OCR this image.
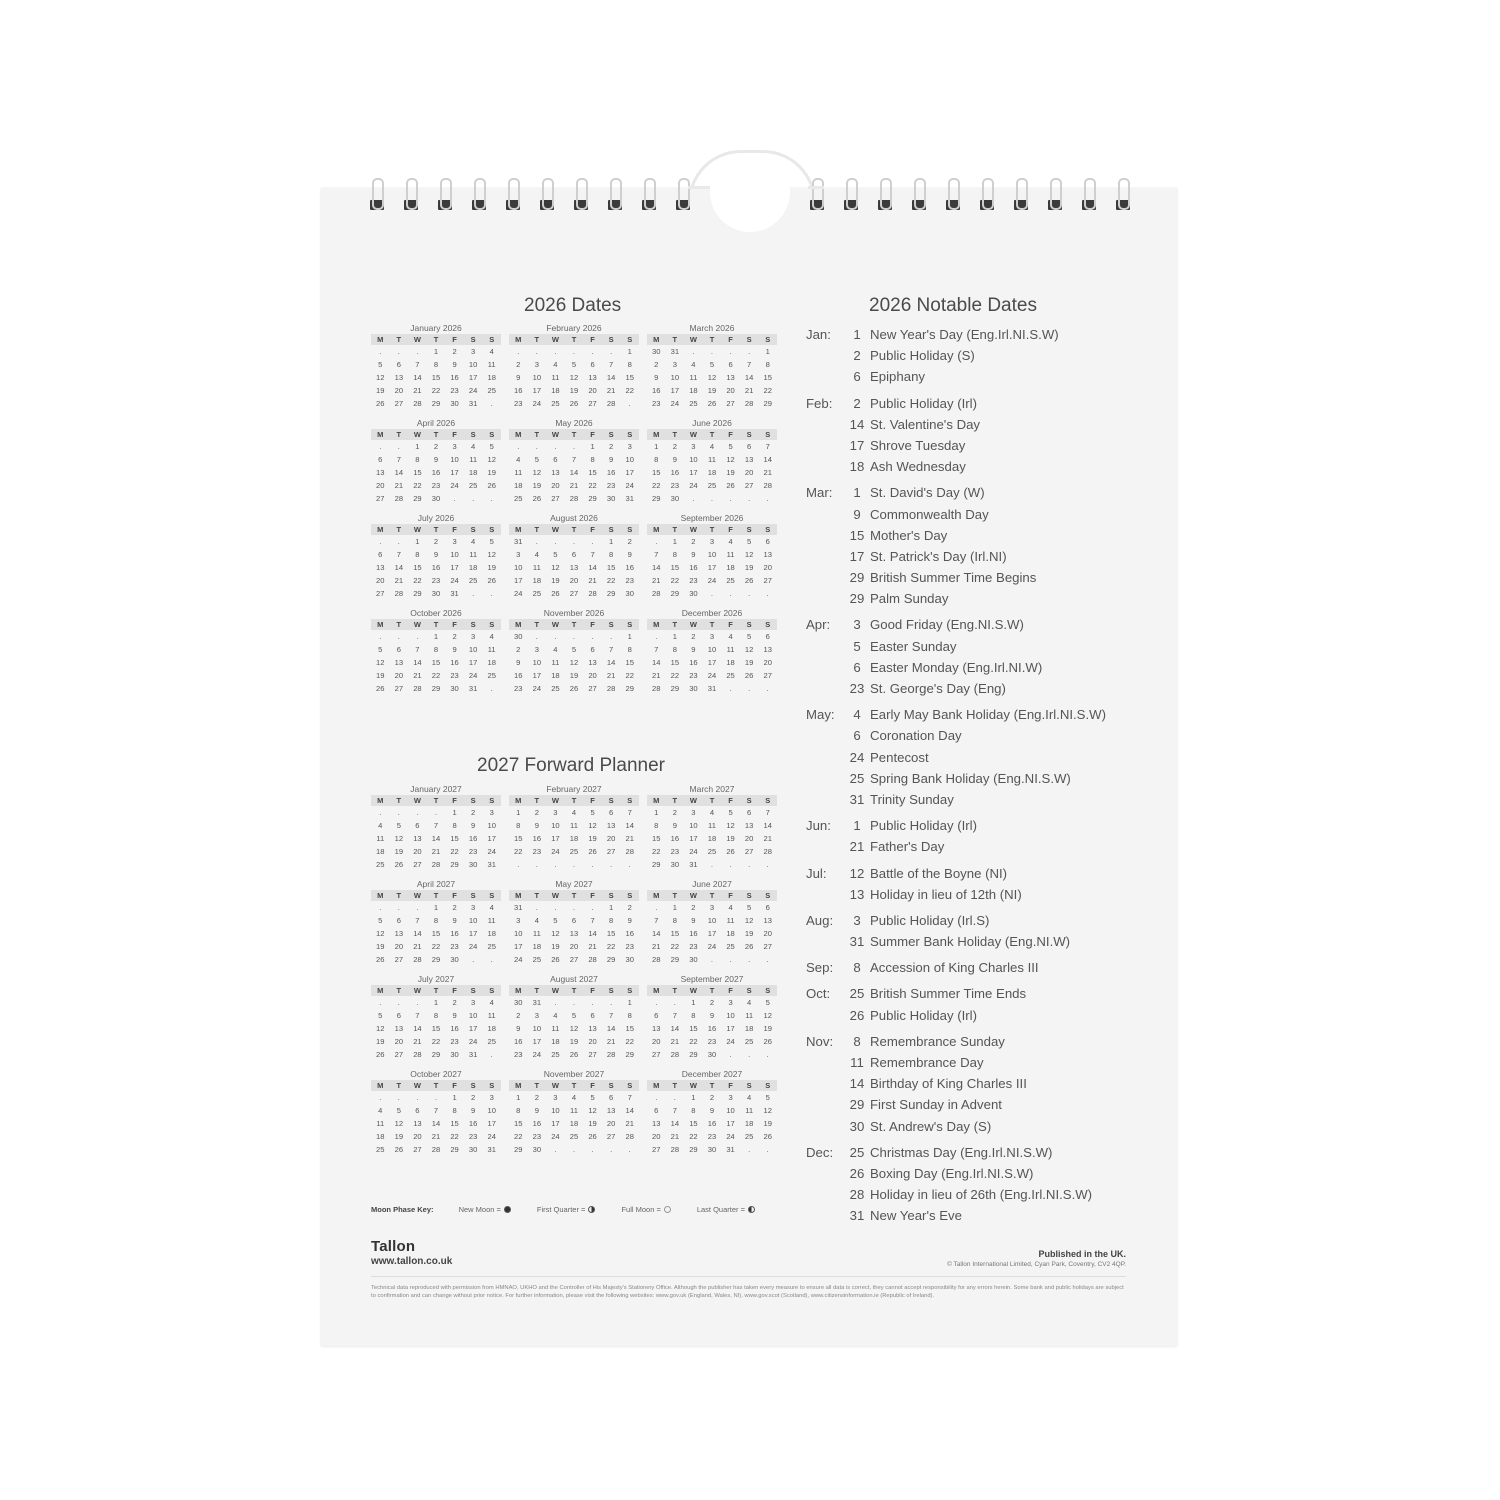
2026 Dates
2027 Forward Planner
2026 Notable Dates
January 2026
M	T	W	T	F	S	S
.	.	.	1	2	3	4
5	6	7	8	9	10	11
12	13	14	15	16	17	18
19	20	21	22	23	24	25
26	27	28	29	30	31	.
February 2026
M	T	W	T	F	S	S
.	.	.	.	.	.	1
2	3	4	5	6	7	8
9	10	11	12	13	14	15
16	17	18	19	20	21	22
23	24	25	26	27	28	.
March 2026
M	T	W	T	F	S	S
30	31	.	.	.	.	1
2	3	4	5	6	7	8
9	10	11	12	13	14	15
16	17	18	19	20	21	22
23	24	25	26	27	28	29
April 2026
M	T	W	T	F	S	S
.	.	1	2	3	4	5
6	7	8	9	10	11	12
13	14	15	16	17	18	19
20	21	22	23	24	25	26
27	28	29	30	.	.	.
May 2026
M	T	W	T	F	S	S
.	.	.	.	1	2	3
4	5	6	7	8	9	10
11	12	13	14	15	16	17
18	19	20	21	22	23	24
25	26	27	28	29	30	31
June 2026
M	T	W	T	F	S	S
1	2	3	4	5	6	7
8	9	10	11	12	13	14
15	16	17	18	19	20	21
22	23	24	25	26	27	28
29	30	.	.	.	.	.
July 2026
M	T	W	T	F	S	S
.	.	1	2	3	4	5
6	7	8	9	10	11	12
13	14	15	16	17	18	19
20	21	22	23	24	25	26
27	28	29	30	31	.	.
August 2026
M	T	W	T	F	S	S
31	.	.	.	.	1	2
3	4	5	6	7	8	9
10	11	12	13	14	15	16
17	18	19	20	21	22	23
24	25	26	27	28	29	30
September 2026
M	T	W	T	F	S	S
.	1	2	3	4	5	6
7	8	9	10	11	12	13
14	15	16	17	18	19	20
21	22	23	24	25	26	27
28	29	30	.	.	.	.
October 2026
M	T	W	T	F	S	S
.	.	.	1	2	3	4
5	6	7	8	9	10	11
12	13	14	15	16	17	18
19	20	21	22	23	24	25
26	27	28	29	30	31	.
November 2026
M	T	W	T	F	S	S
30	.	.	.	.	.	1
2	3	4	5	6	7	8
9	10	11	12	13	14	15
16	17	18	19	20	21	22
23	24	25	26	27	28	29
December 2026
M	T	W	T	F	S	S
.	1	2	3	4	5	6
7	8	9	10	11	12	13
14	15	16	17	18	19	20
21	22	23	24	25	26	27
28	29	30	31	.	.	.
January 2027
M	T	W	T	F	S	S
.	.	.	.	1	2	3
4	5	6	7	8	9	10
11	12	13	14	15	16	17
18	19	20	21	22	23	24
25	26	27	28	29	30	31
February 2027
M	T	W	T	F	S	S
1	2	3	4	5	6	7
8	9	10	11	12	13	14
15	16	17	18	19	20	21
22	23	24	25	26	27	28
.	.	.	.	.	.	.
March 2027
M	T	W	T	F	S	S
1	2	3	4	5	6	7
8	9	10	11	12	13	14
15	16	17	18	19	20	21
22	23	24	25	26	27	28
29	30	31	.	.	.	.
April 2027
M	T	W	T	F	S	S
.	.	.	1	2	3	4
5	6	7	8	9	10	11
12	13	14	15	16	17	18
19	20	21	22	23	24	25
26	27	28	29	30	.	.
May 2027
M	T	W	T	F	S	S
31	.	.	.	.	1	2
3	4	5	6	7	8	9
10	11	12	13	14	15	16
17	18	19	20	21	22	23
24	25	26	27	28	29	30
June 2027
M	T	W	T	F	S	S
.	1	2	3	4	5	6
7	8	9	10	11	12	13
14	15	16	17	18	19	20
21	22	23	24	25	26	27
28	29	30	.	.	.	.
July 2027
M	T	W	T	F	S	S
.	.	.	1	2	3	4
5	6	7	8	9	10	11
12	13	14	15	16	17	18
19	20	21	22	23	24	25
26	27	28	29	30	31	.
August 2027
M	T	W	T	F	S	S
30	31	.	.	.	.	1
2	3	4	5	6	7	8
9	10	11	12	13	14	15
16	17	18	19	20	21	22
23	24	25	26	27	28	29
September 2027
M	T	W	T	F	S	S
.	.	1	2	3	4	5
6	7	8	9	10	11	12
13	14	15	16	17	18	19
20	21	22	23	24	25	26
27	28	29	30	.	.	.
October 2027
M	T	W	T	F	S	S
.	.	.	.	1	2	3
4	5	6	7	8	9	10
11	12	13	14	15	16	17
18	19	20	21	22	23	24
25	26	27	28	29	30	31
November 2027
M	T	W	T	F	S	S
1	2	3	4	5	6	7
8	9	10	11	12	13	14
15	16	17	18	19	20	21
22	23	24	25	26	27	28
29	30	.	.	.	.	.
December 2027
M	T	W	T	F	S	S
.	.	1	2	3	4	5
6	7	8	9	10	11	12
13	14	15	16	17	18	19
20	21	22	23	24	25	26
27	28	29	30	31	.	.
Jan:	1 New Year's Day (Eng.Irl.NI.S.W)
2 Public Holiday (S)
6 Epiphany
Feb:	2 Public Holiday (Irl)
14 St. Valentine's Day
17 Shrove Tuesday
18 Ash Wednesday
Mar:	1 St. David's Day (W)
9 Commonwealth Day
15 Mother's Day
17 St. Patrick's Day (Irl.NI)
29 British Summer Time Begins
29 Palm Sunday
Apr:	3 Good Friday (Eng.NI.S.W)
5 Easter Sunday
6 Easter Monday (Eng.Irl.NI.W)
23 St. George's Day (Eng)
May:	4 Early May Bank Holiday (Eng.Irl.NI.S.W)
6 Coronation Day
24 Pentecost
25 Spring Bank Holiday (Eng.NI.S.W)
31 Trinity Sunday
Jun:	1 Public Holiday (Irl)
21 Father's Day
Jul:	12 Battle of the Boyne (NI)
13 Holiday in lieu of 12th (NI)
Aug:	3 Public Holiday (Irl.S)
31 Summer Bank Holiday (Eng.NI.W)
Sep:	8 Accession of King Charles III
Oct:	25 British Summer Time Ends
26 Public Holiday (Irl)
Nov:	8 Remembrance Sunday
11 Remembrance Day
14 Birthday of King Charles III
29 First Sunday in Advent
30 St. Andrew's Day (S)
Dec:	25 Christmas Day (Eng.Irl.NI.S.W)
26 Boxing Day (Eng.Irl.NI.S.W)
28 Holiday in lieu of 26th (Eng.Irl.NI.S.W)
31 New Year's Eve
Moon Phase Key:	New Moon =	First Quarter =	Full Moon =	Last Quarter =
Tallon
www.tallon.co.uk
Published in the UK.
© Tallon International Limited, Cyan Park, Coventry, CV2 4QP.
Technical data reproduced with permission from HMNAO, UKHO and the Controller of His Majesty's Stationery Office. Although the publisher has taken every measure to ensure all data is correct, they cannot accept responsibility for any errors herein. Some bank and public holidays are subject to confirmation and can change without prior notice. For further information, please visit the following websites: www.gov.uk (England, Wales, NI), www.gov.scot (Scotland), www.citizensinformation.ie (Republic of Ireland).
